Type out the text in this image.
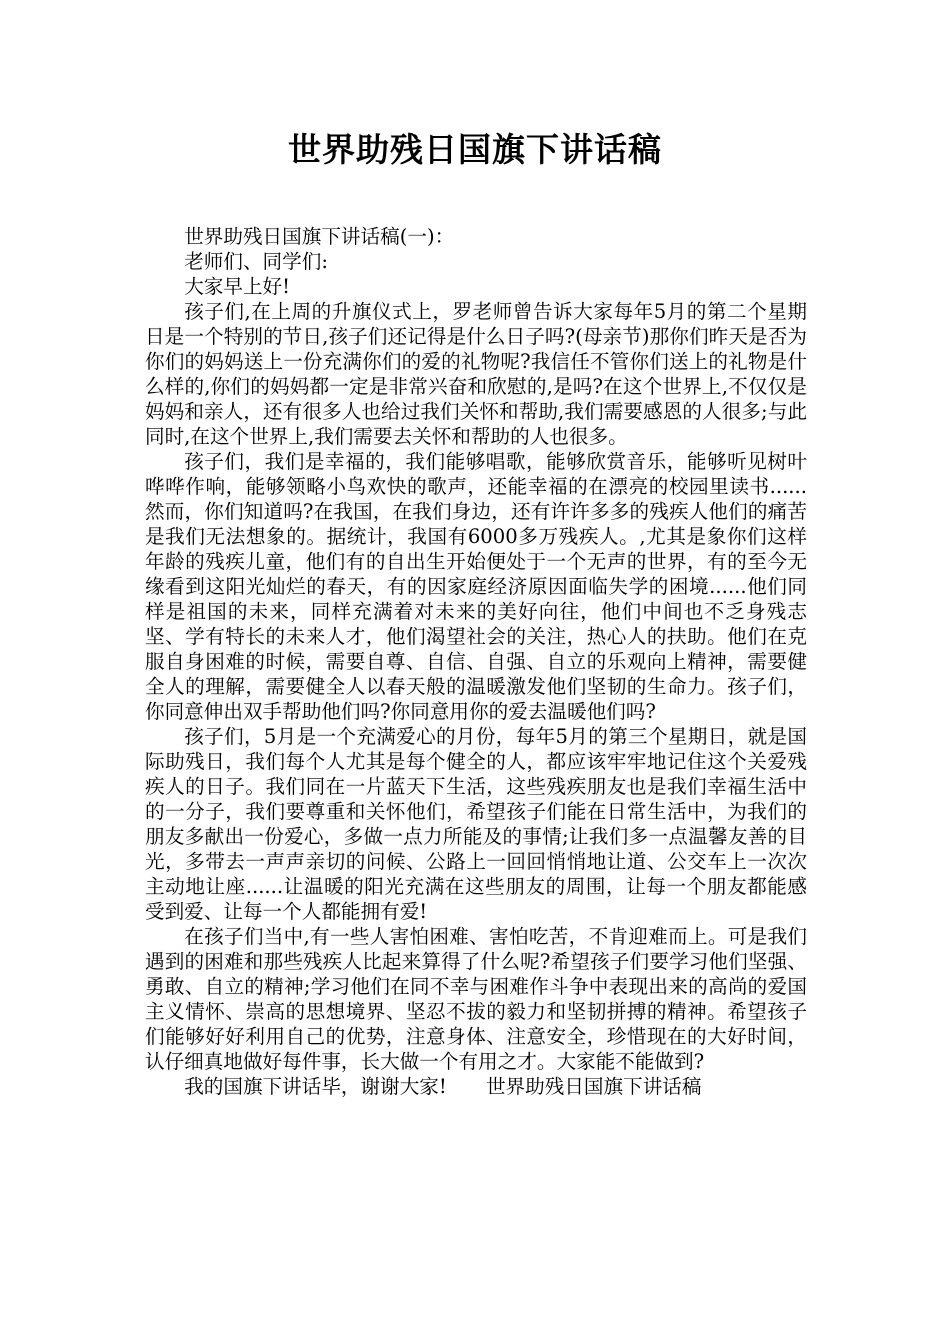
世界助残日国旗下讲话稿

世界助残日国旗下讲话稿(一)：

老师们、同学们:

大家早上好!

孩子们,在上周的升旗仪式上，罗老师曾告诉大家每年5月的第二个星期日是一个特别的节日,孩子们还记得是什么日子吗?(母亲节)那你们昨天是否为你们的妈妈送上一份充满你们的爱的礼物呢?我信任不管你们送上的礼物是什么样的,你们的妈妈都一定是非常兴奋和欣慰的,是吗?在这个世界上,不仅仅是妈妈和亲人，还有很多人也给过我们关怀和帮助,我们需要感恩的人很多;与此同时,在这个世界上,我们需要去关怀和帮助的人也很多。

孩子们，我们是幸福的，我们能够唱歌，能够欣赏音乐，能够听见树叶哗哗作响，能够领略小鸟欢快的歌声，还能幸福的在漂亮的校园里读书......然而，你们知道吗?在我国，在我们身边，还有许许多多的残疾人他们的痛苦是我们无法想象的。据统计，我国有6000多万残疾人。,尤其是象你们这样年龄的残疾儿童，他们有的自出生开始便处于一个无声的世界，有的至今无缘看到这阳光灿烂的春天，有的因家庭经济原因面临失学的困境......他们同样是祖国的未来，同样充满着对未来的美好向往，他们中间也不乏身残志坚、学有特长的未来人才，他们渴望社会的关注，热心人的扶助。他们在克服自身困难的时候，需要自尊、自信、自强、自立的乐观向上精神，需要健全人的理解，需要健全人以春天般的温暖激发他们坚韧的生命力。孩子们，你同意伸出双手帮助他们吗?你同意用你的爱去温暖他们吗?

孩子们，5月是一个充满爱心的月份，每年5月的第三个星期日，就是国际助残日，我们每个人尤其是每个健全的人，都应该牢牢地记住这个关爱残疾人的日子。我们同在一片蓝天下生活，这些残疾朋友也是我们幸福生活中的一分子，我们要尊重和关怀他们，希望孩子们能在日常生活中，为我们的朋友多献出一份爱心，多做一点力所能及的事情;让我们多一点温馨友善的目光，多带去一声声亲切的问候、公路上一回回悄悄地让道、公交车上一次次主动地让座......让温暖的阳光充满在这些朋友的周围，让每一个朋友都能感受到爱、让每一个人都能拥有爱!

在孩子们当中,有一些人害怕困难、害怕吃苦，不肯迎难而上。可是我们遇到的困难和那些残疾人比起来算得了什么呢?希望孩子们要学习他们坚强、勇敢、自立的精神;学习他们在同不幸与困难作斗争中表现出来的高尚的爱国主义情怀、崇高的思想境界、坚忍不拔的毅力和坚韧拼搏的精神。希望孩子们能够好好利用自己的优势，注意身体、注意安全，珍惜现在的大好时间，认仔细真地做好每件事，长大做一个有用之才。大家能不能做到?

我的国旗下讲话毕，谢谢大家!　　世界助残日国旗下讲话稿
